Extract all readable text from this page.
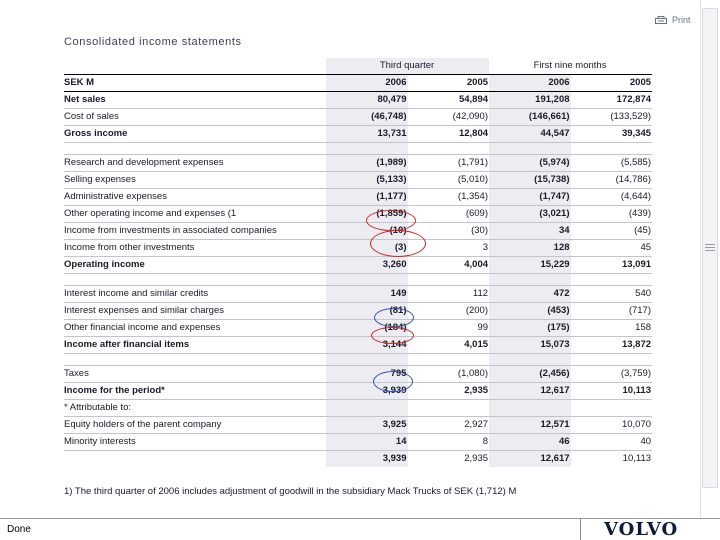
Print
Consolidated income statements
	Third quarter		First nine months	
SEK M	2006	2005	2006	2005
Net sales	80,479	54,894	191,208	172,874
Cost of sales	(46,748)	(42,090)	(146,661)	(133,529)
Gross income	13,731	12,804	44,547	39,345

Research and development expenses	(1,989)	(1,791)	(5,974)	(5,585)
Selling expenses	(5,133)	(5,010)	(15,738)	(14,786)
Administrative expenses	(1,177)	(1,354)	(1,747)	(4,644)
Other operating income and expenses (1	(1,859)	(609)	(3,021)	(439)
Income from investments in associated companies	(10)	(30)	34	(45)
Income from other investments	(3)	3	128	45
Operating income	3,260	4,004	15,229	13,091

Interest income and similar credits	149	112	472	540
Interest expenses and similar charges	(81)	(200)	(453)	(717)
Other financial income and expenses	(184)	99	(175)	158
Income after financial items	3,144	4,015	15,073	13,872

Taxes	795	(1,080)	(2,456)	(3,759)
Income for the period*	3,939	2,935	12,617	10,113
* Attributable to:				
Equity holders of the parent company	3,925	2,927	12,571	10,070
Minority interests	14	8	46	40
	3,939	2,935	12,617	10,113
1) The third quarter of 2006 includes adjustment of goodwill in the subsidiary Mack Trucks of SEK (1,712) M
Done	VOLVO
